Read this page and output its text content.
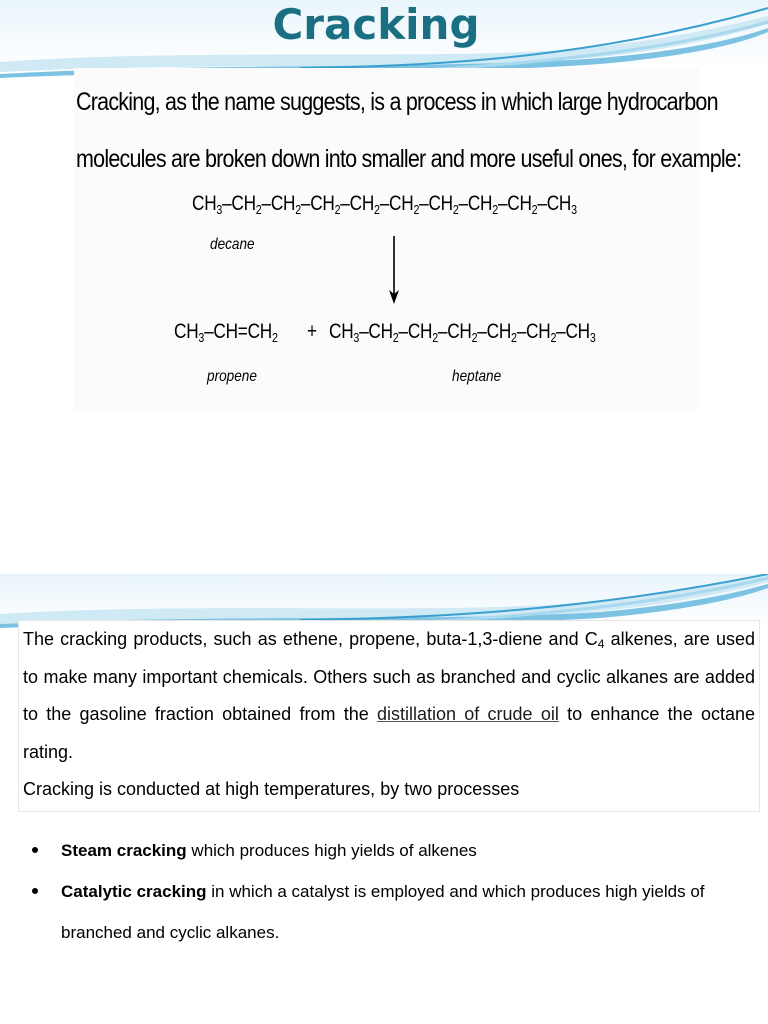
Cracking

Cracking, as the name suggests, is a process in which large hydrocarbon
molecules are broken down into smaller and more useful ones, for example:

$CH_3-CH_2-CH_2-CH_2-CH_2-CH_2-CH_2-CH_2-CH_2-CH_3$
decane
$CH_3-CH=CH_2 + CH_3-CH_2-CH_2-CH_2-CH_2-CH_2-CH_3$
propene	heptane

The cracking products, such as ethene, propene, buta-1,3-diene and $C_4$ alkenes, are used to make many important chemicals. Others such as branched and cyclic alkanes are added to the gasoline fraction obtained from the distillation of crude oil to enhance the octane rating.

Cracking is conducted at high temperatures, by two processes

Steam cracking which produces high yields of alkenes
Catalytic cracking in which a catalyst is employed and which produces high yields of branched and cyclic alkanes.
